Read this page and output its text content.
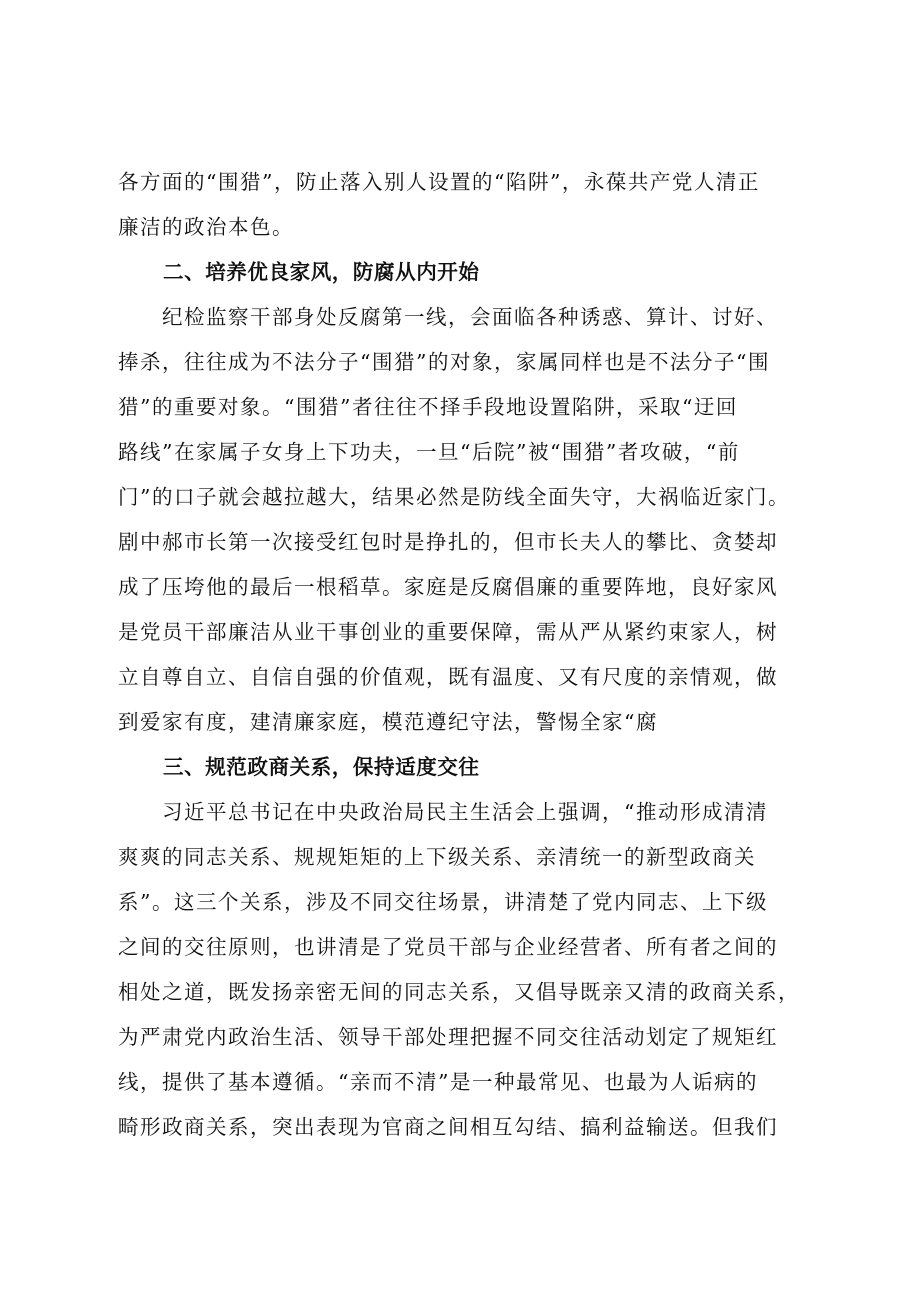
各方面的“围猎”，防止落入别人设置的“陷阱”，永葆共产党人清正
廉洁的政治本色。
二、培养优良家风，防腐从内开始
　　纪检监察干部身处反腐第一线，会面临各种诱惑、算计、讨好、
捧杀，往往成为不法分子“围猎”的对象，家属同样也是不法分子“围
猎”的重要对象。“围猎”者往往不择手段地设置陷阱，采取“迂回
路线”在家属子女身上下功夫，一旦“后院”被“围猎”者攻破，“前
门”的口子就会越拉越大，结果必然是防线全面失守，大祸临近家门。
剧中郝市长第一次接受红包时是挣扎的，但市长夫人的攀比、贪婪却
成了压垮他的最后一根稻草。家庭是反腐倡廉的重要阵地，良好家风
是党员干部廉洁从业干事创业的重要保障，需从严从紧约束家人，树
立自尊自立、自信自强的价值观，既有温度、又有尺度的亲情观，做
到爱家有度，建清廉家庭，模范遵纪守法，警惕全家“腐
三、规范政商关系，保持适度交往
　　习近平总书记在中央政治局民主生活会上强调，“推动形成清清
爽爽的同志关系、规规矩矩的上下级关系、亲清统一的新型政商关
系”。这三个关系，涉及不同交往场景，讲清楚了党内同志、上下级
之间的交往原则，也讲清是了党员干部与企业经营者、所有者之间的
相处之道，既发扬亲密无间的同志关系，又倡导既亲又清的政商关系，
为严肃党内政治生活、领导干部处理把握不同交往活动划定了规矩红
线，提供了基本遵循。“亲而不清”是一种最常见、也最为人诟病的
畸形政商关系，突出表现为官商之间相互勾结、搞利益输送。但我们
